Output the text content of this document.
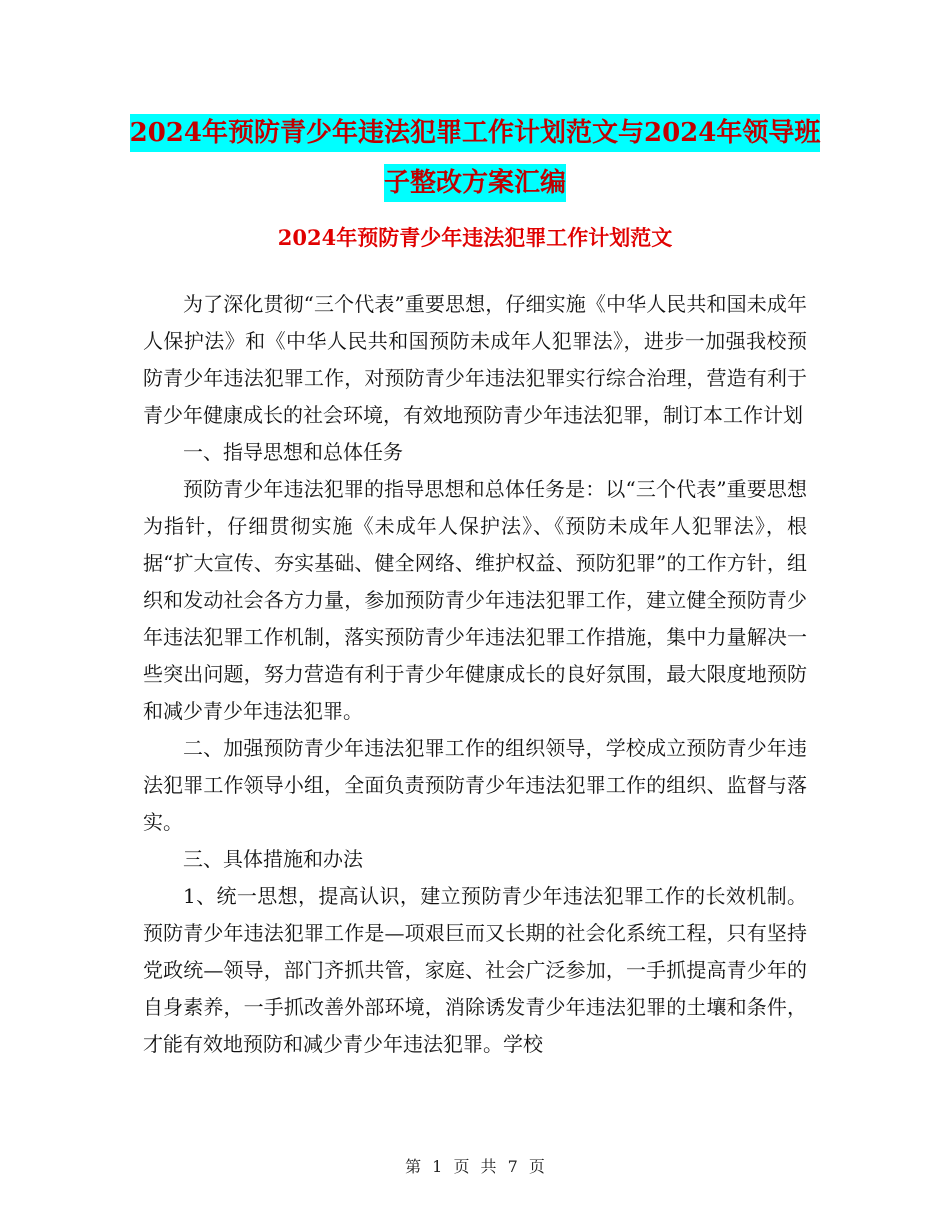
2024年预防青少年违法犯罪工作计划范文与2024年领导班子整改方案汇编
2024年预防青少年违法犯罪工作计划范文

为了深化贯彻“三个代表”重要思想，仔细实施《中华人民共和国未成年人保护法》和《中华人民共和国预防未成年人犯罪法》，进步一加强我校预防青少年违法犯罪工作，对预防青少年违法犯罪实行综合治理，营造有利于青少年健康成长的社会环境，有效地预防青少年违法犯罪，制订本工作计划

一、指导思想和总体任务

预防青少年违法犯罪的指导思想和总体任务是：以“三个代表”重要思想为指针，仔细贯彻实施《未成年人保护法》、《预防未成年人犯罪法》，根据“扩大宣传、夯实基础、健全网络、维护权益、预防犯罪”的工作方针，组织和发动社会各方力量，参加预防青少年违法犯罪工作，建立健全预防青少年违法犯罪工作机制，落实预防青少年违法犯罪工作措施，集中力量解决一些突出问题，努力营造有利于青少年健康成长的良好氛围，最大限度地预防和减少青少年违法犯罪。

二、加强预防青少年违法犯罪工作的组织领导，学校成立预防青少年违法犯罪工作领导小组，全面负责预防青少年违法犯罪工作的组织、监督与落实。

三、具体措施和办法

1、统一思想，提高认识，建立预防青少年违法犯罪工作的长效机制。预防青少年违法犯罪工作是—项艰巨而又长期的社会化系统工程，只有坚持党政统—领导，部门齐抓共管，家庭、社会广泛参加，一手抓提高青少年的自身素养，一手抓改善外部环境，消除诱发青少年违法犯罪的土壤和条件，才能有效地预防和减少青少年违法犯罪。学校

第 1 页 共 7 页
